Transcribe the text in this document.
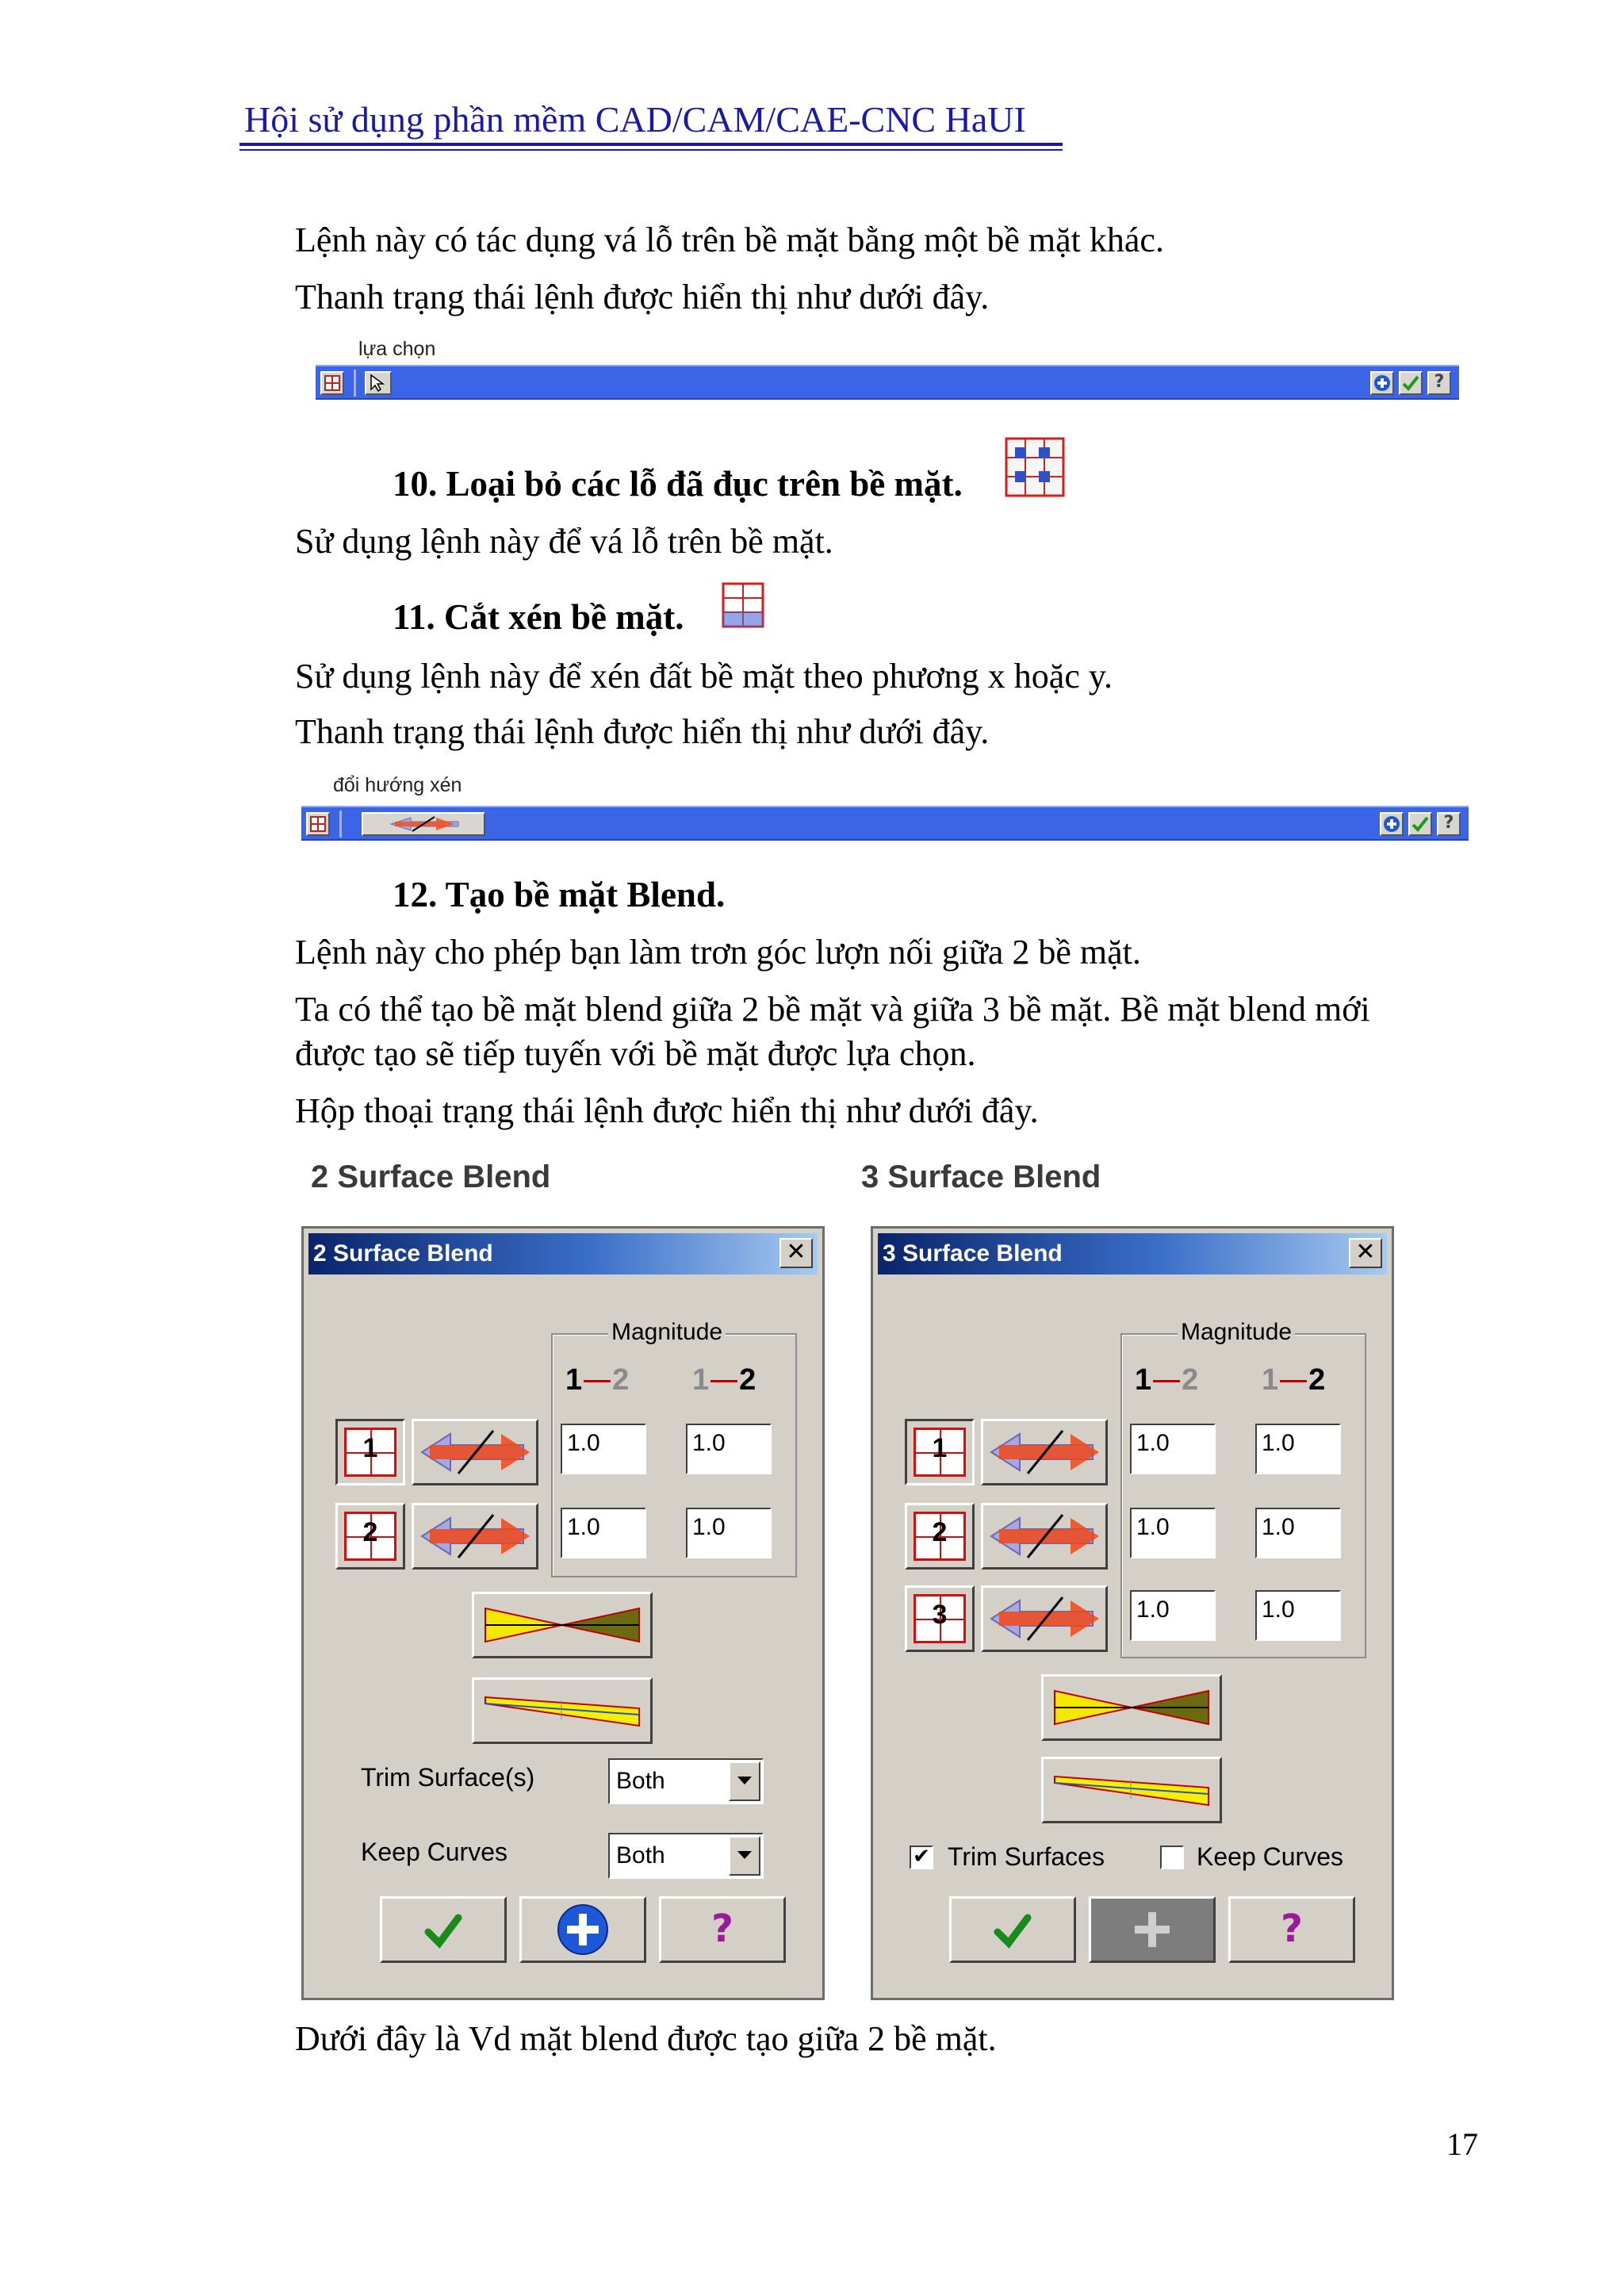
Hội sử dụng phần mềm CAD/CAM/CAE-CNC HaUI
Lệnh này có tác dụng vá lỗ trên bề mặt bằng một bề mặt khác.
Thanh trạng thái lệnh được hiển thị như dưới đây.
lựa chọn
?
10. Loại bỏ các lỗ đã đục trên bề mặt.
Sử dụng lệnh này để vá lỗ trên bề mặt.
11. Cắt xén bề mặt.
Sử dụng lệnh này để xén đất bề mặt theo phương x hoặc y.
Thanh trạng thái lệnh được hiển thị như dưới đây.
đổi hướng xén
?
12. Tạo bề mặt Blend.
Lệnh này cho phép bạn làm trơn góc lượn nối giữa 2 bề mặt.
Ta có thể tạo bề mặt blend giữa 2 bề mặt và giữa 3 bề mặt. Bề mặt blend mới
được tạo sẽ tiếp tuyến với bề mặt được lựa chọn.
Hộp thoại trạng thái lệnh được hiển thị như dưới đây.
2 Surface Blend	3 Surface Blend
2 Surface Blend	✕
Magnitude
1 2 1 2
1	1.0	1.0
2	1.0	1.0
Trim Surface(s)	Both
Keep Curves	Both
?
3 Surface Blend	✕
Magnitude
1 2 1 2
1	1.0	1.0
2	1.0	1.0
3	1.0	1.0
✔ Trim Surfaces	Keep Curves
?
Dưới đây là Vd mặt blend được tạo giữa 2 bề mặt.
17
